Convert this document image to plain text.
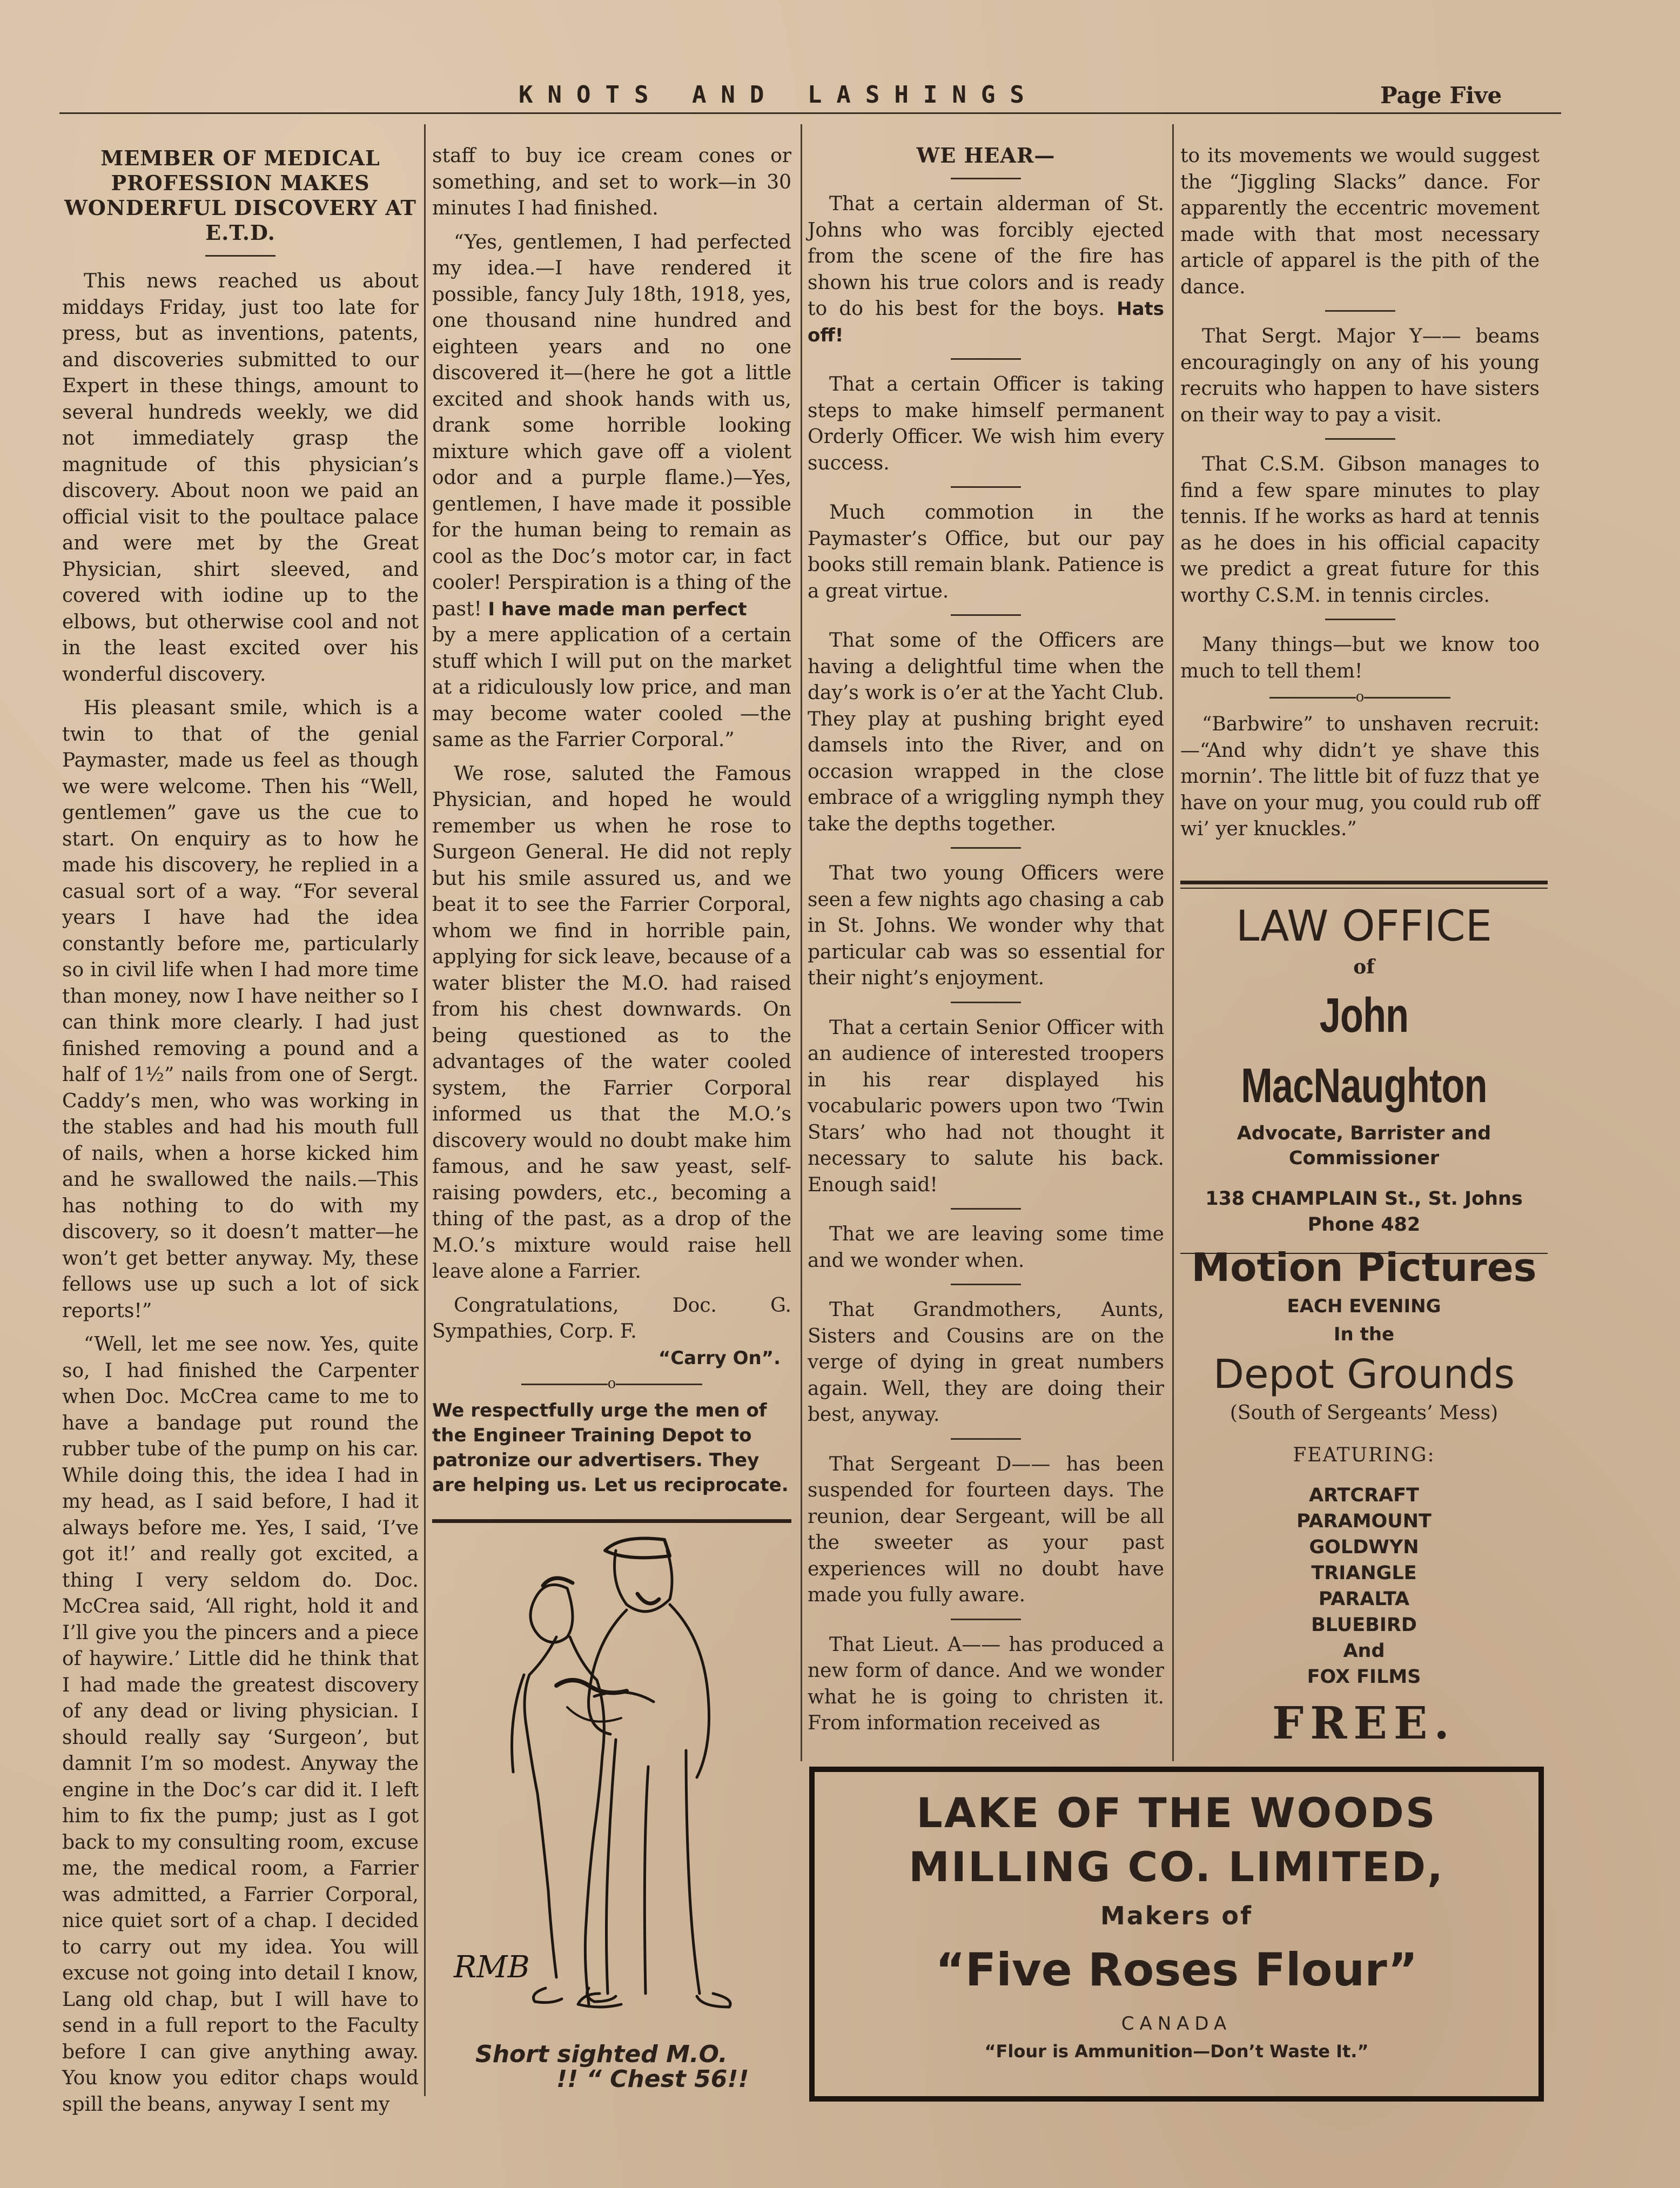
KNOTS AND LASHINGS	Page Five
MEMBER OF MEDICAL PROFESSION MAKES WONDERFUL DISCOVERY AT E.T.D.

This news reached us about middays Friday, just too late for press, but as inventions, patents, and discoveries submitted to our Expert in these things, amount to several hundreds weekly, we did not immediately grasp the magnitude of this physician’s discovery. About noon we paid an official visit to the poultace palace and were met by the Great Physician, shirt sleeved, and covered with iodine up to the elbows, but otherwise cool and not in the least excited over his wonderful discovery.

His pleasant smile, which is a twin to that of the genial Paymaster, made us feel as though we were welcome. Then his “Well, gentlemen” gave us the cue to start. On enquiry as to how he made his discovery, he replied in a casual sort of a way. “For several years I have had the idea constantly before me, particularly so in civil life when I had more time than money, now I have neither so I can think more clearly. I had just finished removing a pound and a half of 1½” nails from one of Sergt. Caddy’s men, who was working in the stables and had his mouth full of nails, when a horse kicked him and he swallowed the nails.—This has nothing to do with my discovery, so it doesn’t matter—he won’t get better anyway. My, these fellows use up such a lot of sick reports!”

“Well, let me see now. Yes, quite so, I had finished the Carpenter when Doc. McCrea came to me to have a bandage put round the rubber tube of the pump on his car. While doing this, the idea I had in my head, as I said before, I had it always before me. Yes, I said, ‘I’ve got it!’ and really got excited, a thing I very seldom do. Doc. McCrea said, ‘All right, hold it and I’ll give you the pincers and a piece of haywire.’ Little did he think that I had made the greatest discovery of any dead or living physician. I should really say ‘Surgeon’, but damnit I’m so modest. Anyway the engine in the Doc’s car did it. I left him to fix the pump; just as I got back to my consulting room, excuse me, the medical room, a Farrier was admitted, a Farrier Corporal, nice quiet sort of a chap. I decided to carry out my idea. You will excuse not going into detail I know, Lang old chap, but I will have to send in a full report to the Faculty before I can give anything away. You know you editor chaps would spill the beans, anyway I sent my

staff to buy ice cream cones or something, and set to work—in 30 minutes I had finished.

“Yes, gentlemen, I had perfected my idea.—I have rendered it possible, fancy July 18th, 1918, yes, one thousand nine hundred and eighteen years and no one discovered it—(here he got a little excited and shook hands with us, drank some horrible looking mixture which gave off a violent odor and a purple flame.)—Yes, gentlemen, I have made it possible for the human being to remain as cool as the Doc’s motor car, in fact cooler! Perspiration is a thing of the past! I have made man perfect

by a mere application of a certain stuff which I will put on the market at a ridiculously low price, and man may become water cooled —the same as the Farrier Corporal.”

We rose, saluted the Famous Physician, and hoped he would remember us when he rose to Surgeon General. He did not reply but his smile assured us, and we beat it to see the Farrier Corporal, whom we find in horrible pain, applying for sick leave, because of a water blister the M.O. had raised from his chest downwards. On being questioned as to the advantages of the water cooled system, the Farrier Corporal informed us that the M.O.’s discovery would no doubt make him famous, and he saw yeast, self-raising powders, etc., becoming a thing of the past, as a drop of the M.O.’s mixture would raise hell leave alone a Farrier.

Congratulations, Doc. G. Sympathies, Corp. F.

“Carry On”.
o
We respectfully urge the men of the Engineer Training Depot to patronize our advertisers. They are helping us. Let us reciprocate.
RMB
Short sighted M.O.
!! “ Chest 56!!
WE HEAR—

That a certain alderman of St. Johns who was forcibly ejected from the scene of the fire has shown his true colors and is ready to do his best for the boys. Hats off!

That a certain Officer is taking steps to make himself permanent Orderly Officer. We wish him every success.

Much commotion in the Paymaster’s Office, but our pay books still remain blank. Patience is a great virtue.

That some of the Officers are having a delightful time when the day’s work is o’er at the Yacht Club. They play at pushing bright eyed damsels into the River, and on occasion wrapped in the close embrace of a wriggling nymph they take the depths together.

That two young Officers were seen a few nights ago chasing a cab in St. Johns. We wonder why that particular cab was so essential for their night’s enjoyment.

That a certain Senior Officer with an audience of interested troopers in his rear displayed his vocabularic powers upon two ‘Twin Stars’ who had not thought it necessary to salute his back. Enough said!

That we are leaving some time and we wonder when.

That Grandmothers, Aunts, Sisters and Cousins are on the verge of dying in great numbers again. Well, they are doing their best, anyway.

That Sergeant D—— has been suspended for fourteen days. The reunion, dear Sergeant, will be all the sweeter as your past experiences will no doubt have made you fully aware.

That Lieut. A—— has produced a new form of dance. And we wonder what he is going to christen it. From information received as

to its movements we would suggest the “Jiggling Slacks” dance. For apparently the eccentric movement made with that most necessary article of apparel is the pith of the dance.

That Sergt. Major Y—— beams encouragingly on any of his young recruits who happen to have sisters on their way to pay a visit.

That C.S.M. Gibson manages to find a few spare minutes to play tennis. If he works as hard at tennis as he does in his official capacity we predict a great future for this worthy C.S.M. in tennis circles.

Many things—but we know too much to tell them!

o

“Barbwire” to unshaven recruit:—“And why didn’t ye shave this mornin’. The little bit of fuzz that ye have on your mug, you could rub off wi’ yer knuckles.”

LAW OFFICE
of
John MacNaughton
Advocate, Barrister and Commissioner
138 CHAMPLAIN St., St. Johns
Phone 482
Motion Pictures
EACH EVENING
In the
Depot Grounds
(South of Sergeants’ Mess)
FEATURING:
ARTCRAFT
PARAMOUNT
GOLDWYN
TRIANGLE
PARALTA
BLUEBIRD
And
FOX FILMS
FREE.
LAKE OF THE WOODS
MILLING CO. LIMITED,
Makers of
“Five Roses Flour”
CANADA
“Flour is Ammunition—Don’t Waste It.”
